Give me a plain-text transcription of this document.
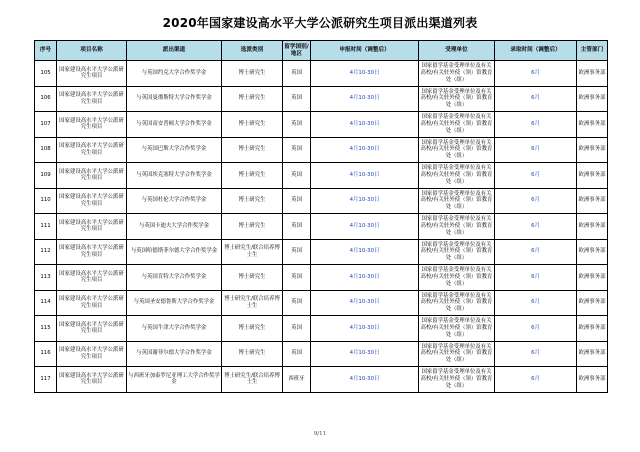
2020年国家建设高水平大学公派研究生项目派出渠道列表
序号	项目名称	派出渠道	选派类别	留学国别/地区	申报时间（调整后）	受理单位	录取时间（调整后）	主管部门
105	国家建设高水平大学公派研究生项目	与英国约克大学合作奖学金	博士研究生	英国	4月10-30日	国家留学基金受理单位及有关高校/有关驻外使（领）馆教育处（组）	6月	欧洲事务部
106	国家建设高水平大学公派研究生项目	与英国曼彻斯特大学合作奖学金	博士研究生	英国	4月10-30日	国家留学基金受理单位及有关高校/有关驻外使（领）馆教育处（组）	6月	欧洲事务部
107	国家建设高水平大学公派研究生项目	与英国南安普顿大学合作奖学金	博士研究生	英国	4月10-30日	国家留学基金受理单位及有关高校/有关驻外使（领）馆教育处（组）	6月	欧洲事务部
108	国家建设高水平大学公派研究生项目	与英国巴斯大学合作奖学金	博士研究生	英国	4月10-30日	国家留学基金受理单位及有关高校/有关驻外使（领）馆教育处（组）	6月	欧洲事务部
109	国家建设高水平大学公派研究生项目	与英国埃克塞特大学合作奖学金	博士研究生	英国	4月10-30日	国家留学基金受理单位及有关高校/有关驻外使（领）馆教育处（组）	6月	欧洲事务部
110	国家建设高水平大学公派研究生项目	与英国杜伦大学合作奖学金	博士研究生	英国	4月10-30日	国家留学基金受理单位及有关高校/有关驻外使（领）馆教育处（组）	6月	欧洲事务部
111	国家建设高水平大学公派研究生项目	与英国卡迪夫大学合作奖学金	博士研究生	英国	4月10-30日	国家留学基金受理单位及有关高校/有关驻外使（领）馆教育处（组）	6月	欧洲事务部
112	国家建设高水平大学公派研究生项目	与英国哈德斯菲尔德大学合作奖学金	博士研究生/联合培养博士生	英国	4月10-30日	国家留学基金受理单位及有关高校/有关驻外使（领）馆教育处（组）	6月	欧洲事务部
113	国家建设高水平大学公派研究生项目	与英国肯特大学合作奖学金	博士研究生	英国	4月10-30日	国家留学基金受理单位及有关高校/有关驻外使（领）馆教育处（组）	6月	欧洲事务部
114	国家建设高水平大学公派研究生项目	与英国圣安德鲁斯大学合作奖学金	博士研究生/联合培养博士生	英国	4月10-30日	国家留学基金受理单位及有关高校/有关驻外使（领）馆教育处（组）	6月	欧洲事务部
115	国家建设高水平大学公派研究生项目	与英国牛津大学合作奖学金	博士研究生	英国	4月10-30日	国家留学基金受理单位及有关高校/有关驻外使（领）馆教育处（组）	6月	欧洲事务部
116	国家建设高水平大学公派研究生项目	与英国谢菲尔德大学合作奖学金	博士研究生	英国	4月10-30日	国家留学基金受理单位及有关高校/有关驻外使（领）馆教育处（组）	6月	欧洲事务部
117	国家建设高水平大学公派研究生项目	与西班牙加泰罗尼亚理工大学合作奖学金	博士研究生/联合培养博士生	西班牙	4月10-30日	国家留学基金受理单位及有关高校/有关驻外使（领）馆教育处（组）	6月	欧洲事务部
9/11
